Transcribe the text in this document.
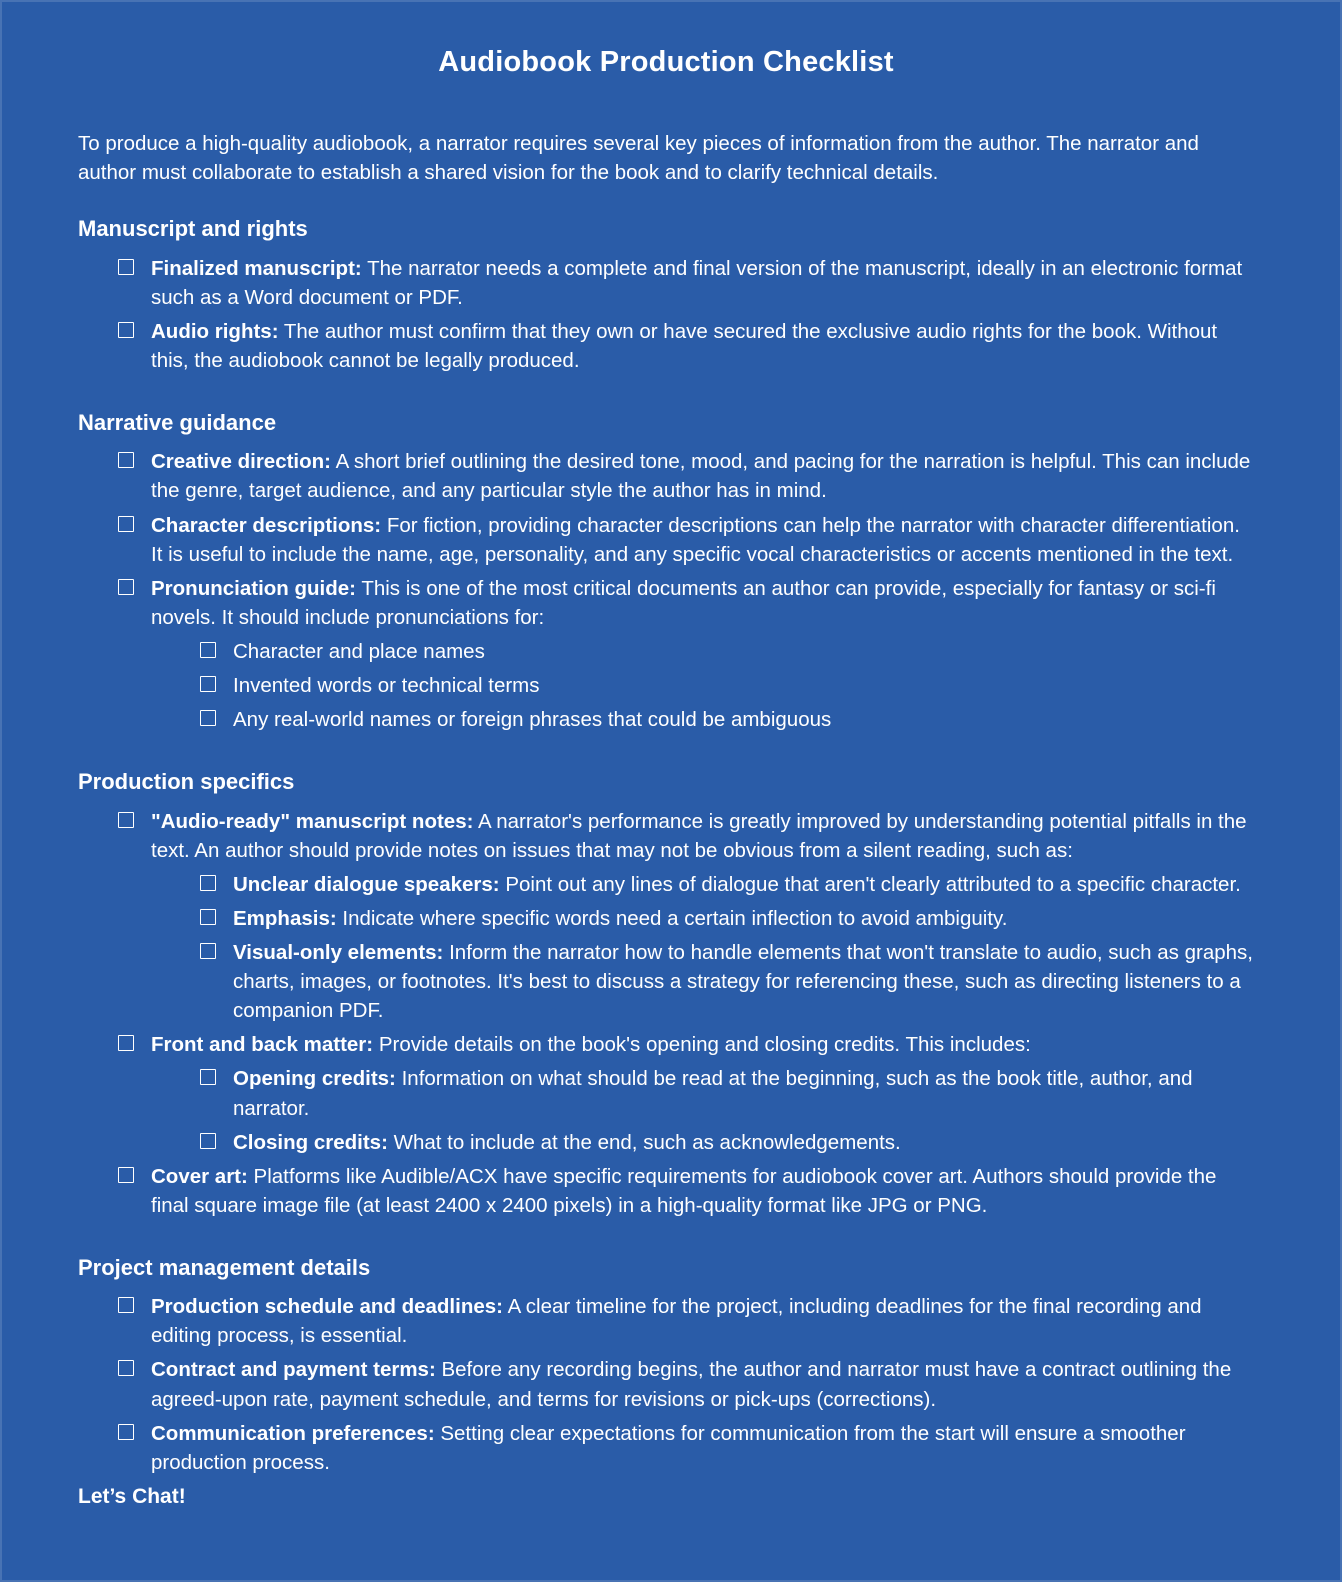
Audiobook Production Checklist

To produce a high-quality audiobook, a narrator requires several key pieces of information from the author. The narrator and author must collaborate to establish a shared vision for the book and to clarify technical details.

Manuscript and rights
Finalized manuscript: The narrator needs a complete and final version of the manuscript, ideally in an electronic format such as a Word document or PDF.
Audio rights: The author must confirm that they own or have secured the exclusive audio rights for the book. Without this, the audiobook cannot be legally produced.
Narrative guidance
Creative direction: A short brief outlining the desired tone, mood, and pacing for the narration is helpful. This can include the genre, target audience, and any particular style the author has in mind.
Character descriptions: For fiction, providing character descriptions can help the narrator with character differentiation. It is useful to include the name, age, personality, and any specific vocal characteristics or accents mentioned in the text.
Pronunciation guide: This is one of the most critical documents an author can provide, especially for fantasy or sci-fi novels. It should include pronunciations for:
Character and place names
Invented words or technical terms
Any real-world names or foreign phrases that could be ambiguous
Production specifics
"Audio-ready" manuscript notes: A narrator's performance is greatly improved by understanding potential pitfalls in the text. An author should provide notes on issues that may not be obvious from a silent reading, such as:
Unclear dialogue speakers: Point out any lines of dialogue that aren't clearly attributed to a specific character.
Emphasis: Indicate where specific words need a certain inflection to avoid ambiguity.
Visual-only elements: Inform the narrator how to handle elements that won't translate to audio, such as graphs, charts, images, or footnotes. It's best to discuss a strategy for referencing these, such as directing listeners to a companion PDF.
Front and back matter: Provide details on the book's opening and closing credits. This includes:
Opening credits: Information on what should be read at the beginning, such as the book title, author, and narrator.
Closing credits: What to include at the end, such as acknowledgements.
Cover art: Platforms like Audible/ACX have specific requirements for audiobook cover art. Authors should provide the final square image file (at least 2400 x 2400 pixels) in a high-quality format like JPG or PNG.
Project management details
Production schedule and deadlines: A clear timeline for the project, including deadlines for the final recording and editing process, is essential.
Contract and payment terms: Before any recording begins, the author and narrator must have a contract outlining the agreed-upon rate, payment schedule, and terms for revisions or pick-ups (corrections).
Communication preferences: Setting clear expectations for communication from the start will ensure a smoother production process.

Let’s Chat!
